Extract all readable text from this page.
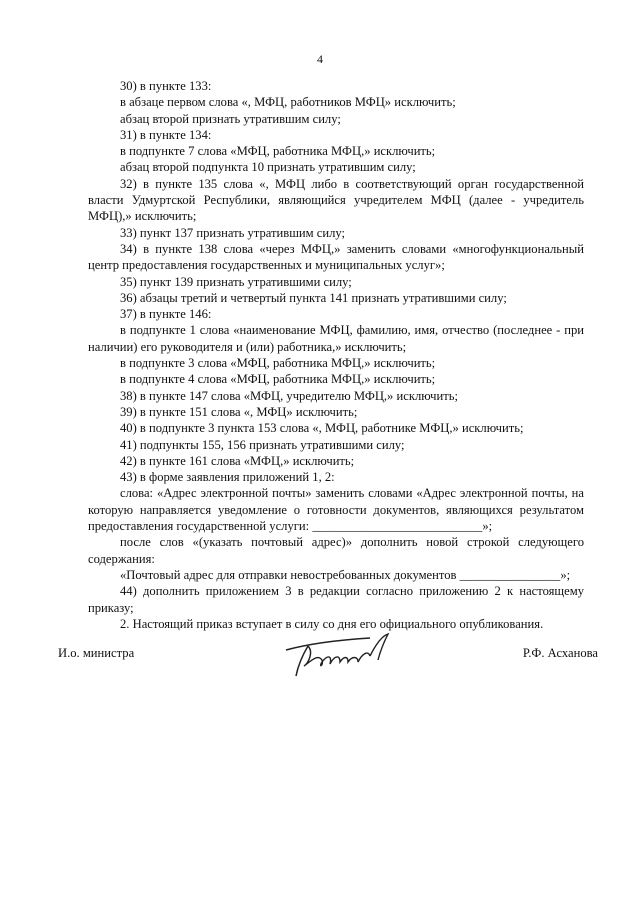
4

30) в пункте 133:

в абзаце первом слова «, МФЦ, работников МФЦ» исключить;

абзац второй признать утратившим силу;

31) в пункте 134:

в подпункте 7 слова «МФЦ, работника МФЦ,» исключить;

абзац второй подпункта 10 признать утратившим силу;

32) в пункте 135 слова «, МФЦ либо в соответствующий орган государственной власти Удмуртской Республики, являющийся учредителем МФЦ (далее - учредитель МФЦ),» исключить;

33) пункт 137 признать утратившим силу;

34) в пункте 138 слова «через МФЦ,» заменить словами «многофункциональный центр предоставления государственных и муниципальных услуг»;

35) пункт 139 признать утратившими силу;

36) абзацы третий и четвертый пункта 141 признать утратившими силу;

37) в пункте 146:

в подпункте 1 слова «наименование МФЦ, фамилию, имя, отчество (последнее - при наличии) его руководителя и (или) работника,» исключить;

в подпункте 3 слова «МФЦ, работника МФЦ,» исключить;

в подпункте 4 слова «МФЦ, работника МФЦ,» исключить;

38) в пункте 147 слова «МФЦ, учредителю МФЦ,» исключить;

39) в пункте 151 слова «, МФЦ» исключить;

40) в подпункте 3 пункта 153 слова «, МФЦ, работнике МФЦ,» исключить;

41) подпункты 155, 156 признать утратившими силу;

42) в пункте 161 слова «МФЦ,» исключить;

43) в форме заявления приложений 1, 2:

слова: «Адрес электронной почты» заменить словами «Адрес электронной почты, на которую направляется уведомление о готовности документов, являющихся результатом предоставления государственной услуги: ___________________________»;

после слов «(указать почтовый адрес)» дополнить новой строкой следующего содержания:

«Почтовый адрес для отправки невостребованных документов ________________»;

44) дополнить приложением 3 в редакции согласно приложению 2 к настоящему приказу;

2. Настоящий приказ вступает в силу со дня его официального опубликования.

И.о. министра	Р.Ф. Асханова
